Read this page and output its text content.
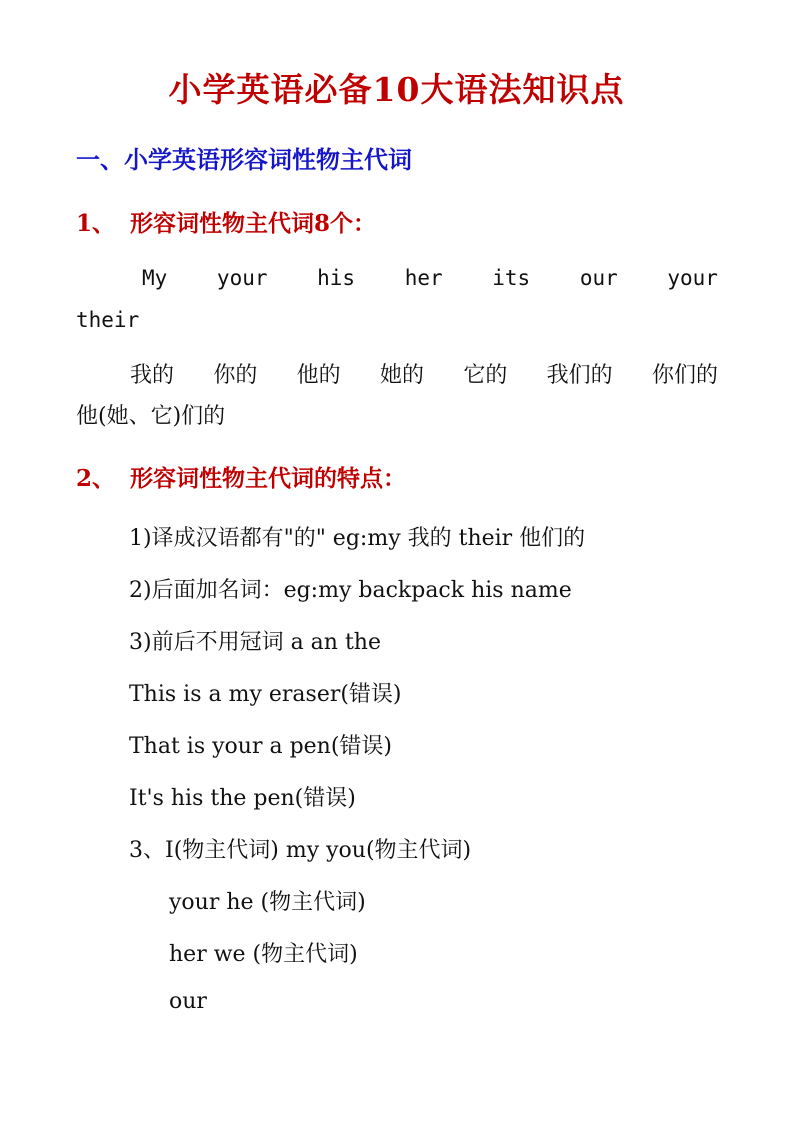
小学英语必备10大语法知识点
一、小学英语形容词性物主代词
1、 形容词性物主代词8个：
My your his her its our your
their
我的 你的 他的 她的 它的 我们的 你们的
他(她、它)们的
2、 形容词性物主代词的特点：
1)译成汉语都有"的" eg:my 我的 their 他们的
2)后面加名词：eg:my backpack his name
3)前后不用冠词 a an the
This is a my eraser(错误)
That is your a pen(错误)
It's his the pen(错误)
3、I(物主代词) my you(物主代词)
your he (物主代词)
her we (物主代词)
our
